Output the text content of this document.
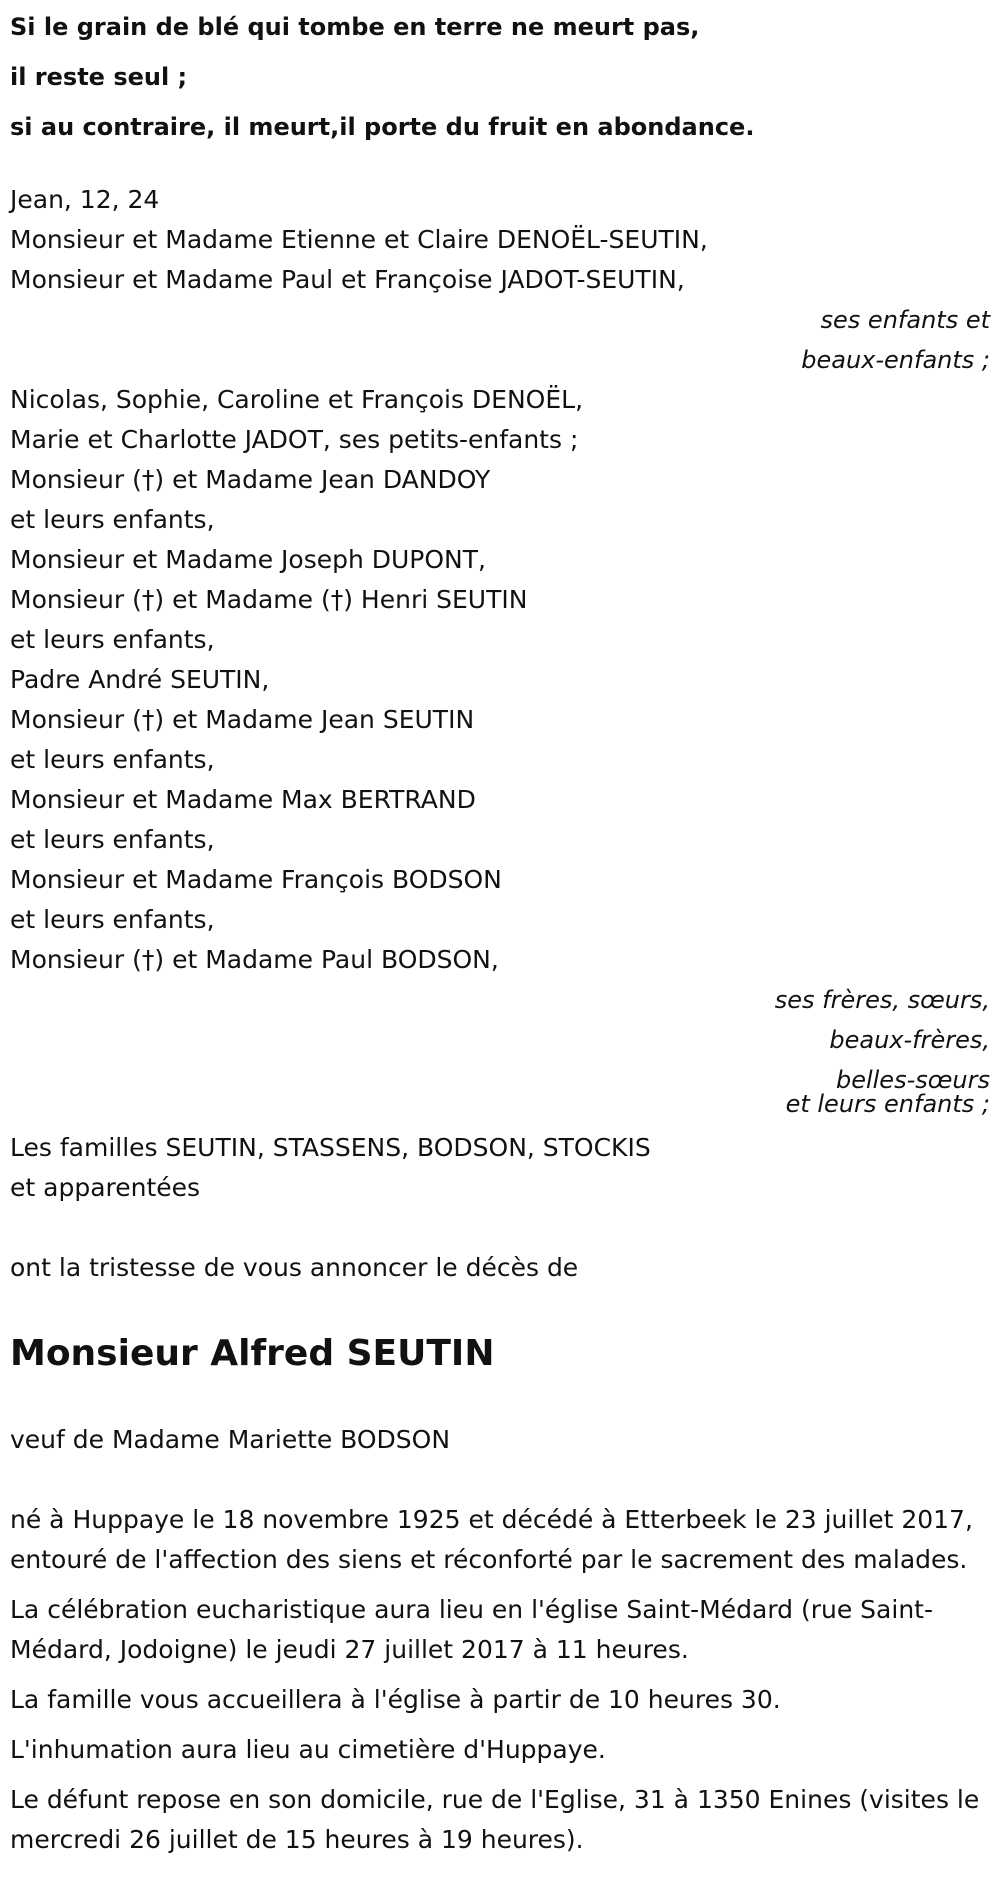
Si le grain de blé qui tombe en terre ne meurt pas,
il reste seul ;
si au contraire, il meurt,il porte du fruit en abondance.
Jean, 12, 24
Monsieur et Madame Etienne et Claire DENOËL-SEUTIN,
Monsieur et Madame Paul et Françoise JADOT-SEUTIN,
ses enfants et
beaux-enfants ;
Nicolas, Sophie, Caroline et François DENOËL,
Marie et Charlotte JADOT, ses petits-enfants ;
Monsieur (†) et Madame Jean DANDOY
et leurs enfants,
Monsieur et Madame Joseph DUPONT,
Monsieur (†) et Madame (†) Henri SEUTIN
et leurs enfants,
Padre André SEUTIN,
Monsieur (†) et Madame Jean SEUTIN
et leurs enfants,
Monsieur et Madame Max BERTRAND
et leurs enfants,
Monsieur et Madame François BODSON
et leurs enfants,
Monsieur (†) et Madame Paul BODSON,
ses frères, sœurs,
beaux-frères,
belles-sœurs
et leurs enfants ;
Les familles SEUTIN, STASSENS, BODSON, STOCKIS
et apparentées
ont la tristesse de vous annoncer le décès de
Monsieur Alfred SEUTIN
veuf de Madame Mariette BODSON
né à Huppaye le 18 novembre 1925 et décédé à Etterbeek le 23 juillet 2017, entouré de l'affection des siens et réconforté par le sacrement des malades.
La célébration eucharistique aura lieu en l'église Saint-Médard (rue Saint-Médard, Jodoigne) le jeudi 27 juillet 2017 à 11 heures.
La famille vous accueillera à l'église à partir de 10 heures 30.
L'inhumation aura lieu au cimetière d'Huppaye.
Le défunt repose en son domicile, rue de l'Eglise, 31 à 1350 Enines (visites le mercredi 26 juillet de 15 heures à 19 heures).
